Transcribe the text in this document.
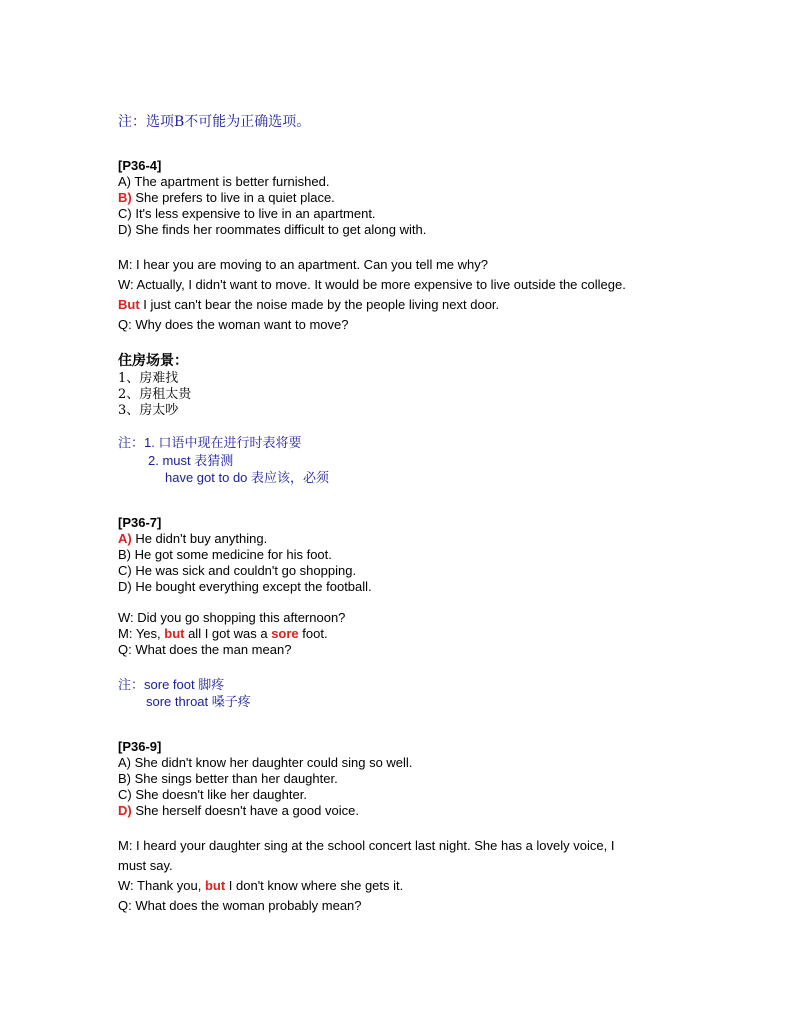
注：选项B不可能为正确选项。
[P36-4]
A) The apartment is better furnished.
B) She prefers to live in a quiet place.
C) It's less expensive to live in an apartment.
D) She finds her roommates difficult to get along with.
M: I hear you are moving to an apartment. Can you tell me why?
W: Actually, I didn't want to move. It would be more expensive to live outside the college.
But I just can't bear the noise made by the people living next door.
Q: Why does the woman want to move?
住房场景：
1、房难找
2、房租太贵
3、房太吵
注：1. 口语中现在进行时表将要
2. must 表猜测
have got to do 表应该，必须
[P36-7]
A) He didn't buy anything.
B) He got some medicine for his foot.
C) He was sick and couldn't go shopping.
D) He bought everything except the football.
W: Did you go shopping this afternoon?
M: Yes, but all I got was a sore foot.
Q: What does the man mean?
注：sore foot 脚疼
sore throat 嗓子疼
[P36-9]
A) She didn't know her daughter could sing so well.
B) She sings better than her daughter.
C) She doesn't like her daughter.
D) She herself doesn't have a good voice.
M: I heard your daughter sing at the school concert last night. She has a lovely voice, I
must say.
W: Thank you, but I don't know where she gets it.
Q: What does the woman probably mean?
